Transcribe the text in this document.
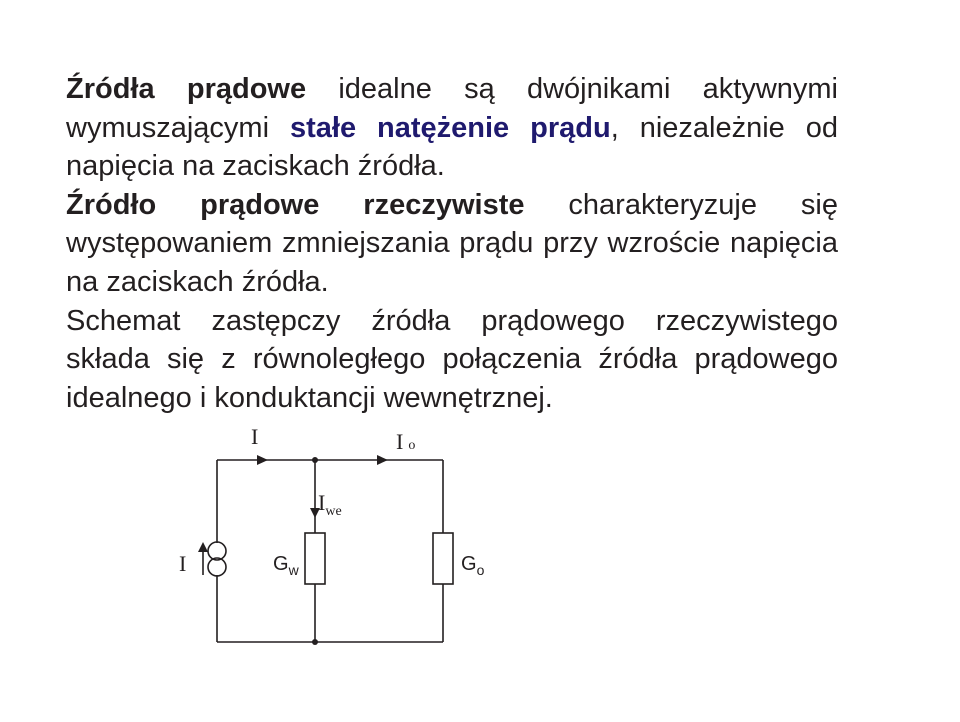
Źródła prądowe idealne są dwójnikami aktywnymi wymuszającymi stałe natężenie prądu, niezależnie od napięcia na zaciskach źródła.

Źródło prądowe rzeczywiste charakteryzuje się występowaniem zmniejszania prądu przy wzroście napięcia na zaciskach źródła.

Schemat zastępczy źródła prądowego rzeczywistego składa się z równoległego połączenia źródła prądowego idealnego i konduktancji wewnętrznej.

I	Io
$I_{we}$
I	$G_w$	$G_o$
